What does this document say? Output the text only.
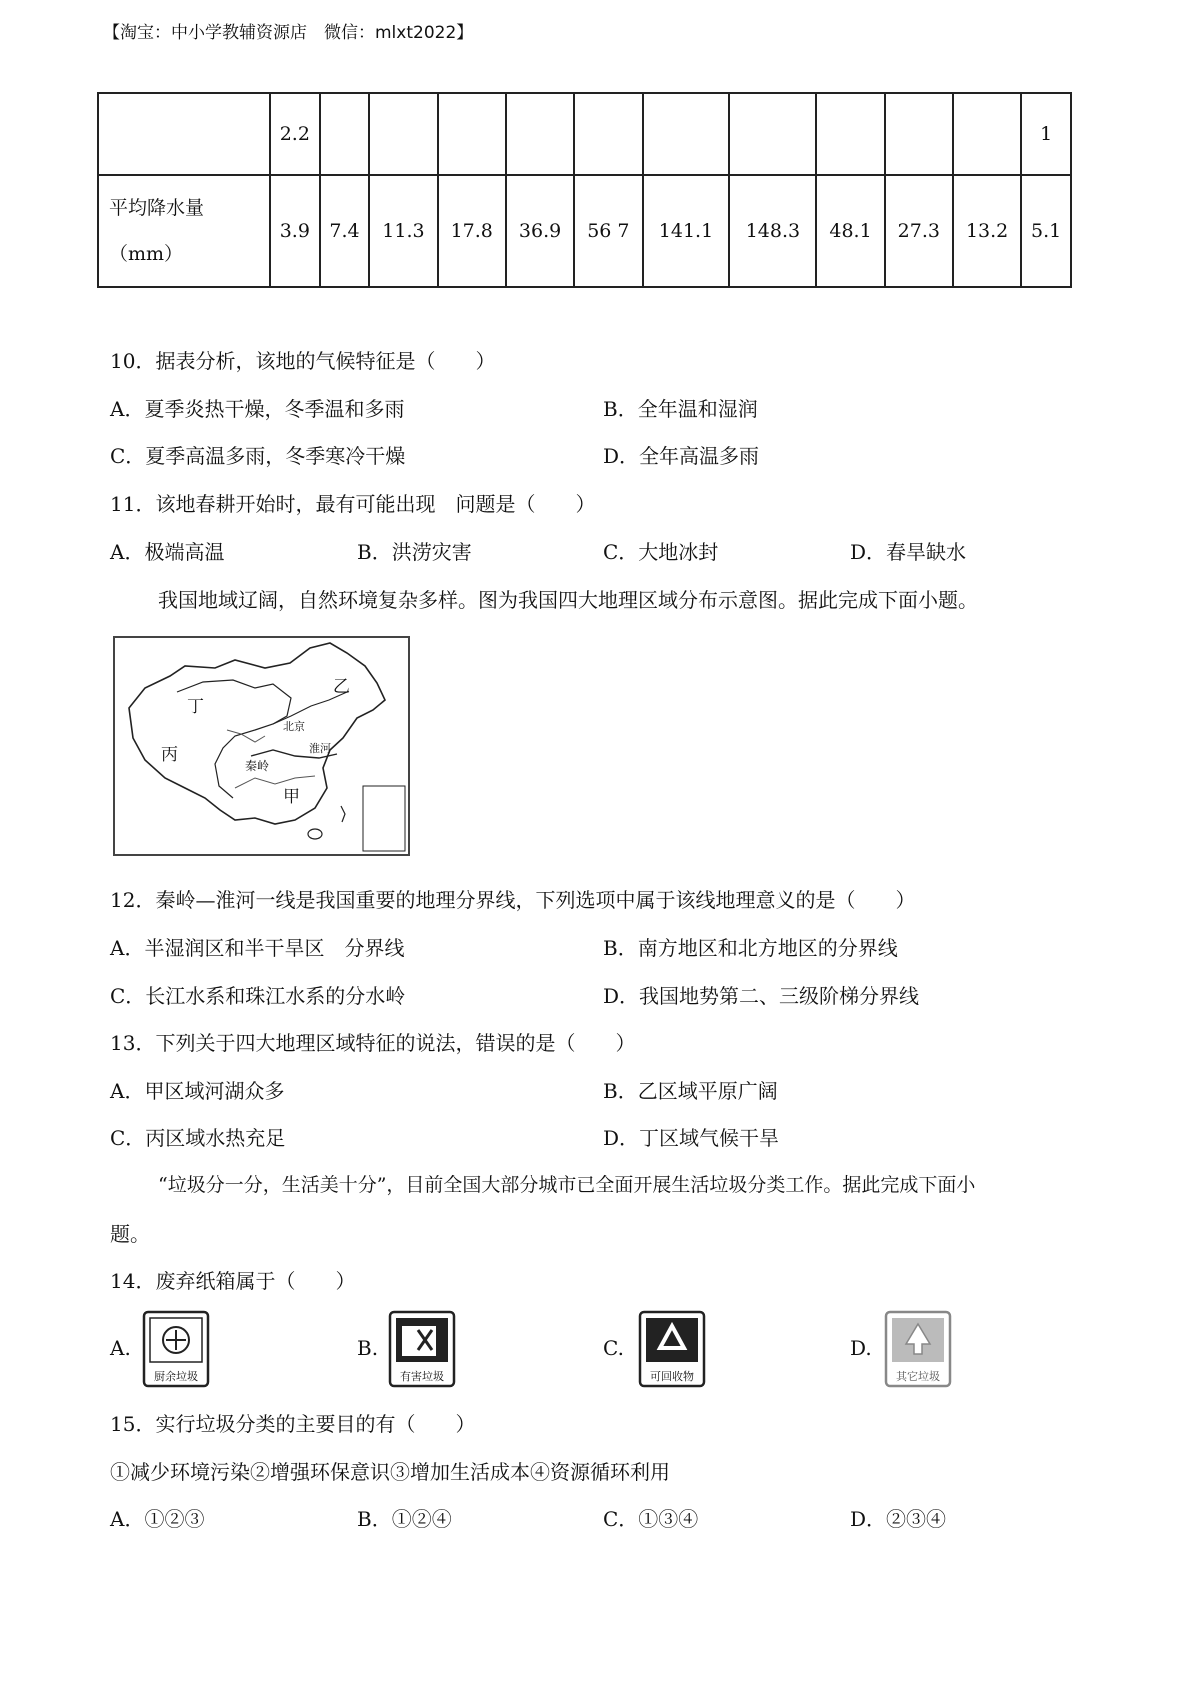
【淘宝：中小学教辅资源店　微信：mlxt2022】
	2.2											1

平均降水量
（mm）	3.9	7.4	11.3	17.8	36.9	56 7	141.1	148.3	48.1	27.3	13.2	5.1
10．据表分析，该地的气候特征是（　　）
A．夏季炎热干燥，冬季温和多雨	B．全年温和湿润
C．夏季高温多雨，冬季寒冷干燥	D．全年高温多雨
11．该地春耕开始时，最有可能出现　问题是（　　）
A．极端高温	B．洪涝灾害	C．大地冰封	D．春旱缺水
我国地域辽阔，自然环境复杂多样。图为我国四大地理区域分布示意图。据此完成下面小题。
丁
乙
丙
甲
秦岭
北京
淮河
12．秦岭—淮河一线是我国重要的地理分界线，下列选项中属于该线地理意义的是（　　）
A．半湿润区和半干旱区　分界线	B．南方地区和北方地区的分界线
C．长江水系和珠江水系的分水岭	D．我国地势第二、三级阶梯分界线
13．下列关于四大地理区域特征的说法，错误的是（　　）
A．甲区域河湖众多	B．乙区域平原广阔
C．丙区域水热充足	D．丁区域气候干旱
“垃圾分一分，生活美十分”，目前全国大部分城市已全面开展生活垃圾分类工作。据此完成下面小
题。
14．废弃纸箱属于（　　）
A.
厨余垃圾
B.
有害垃圾
C.
可回收物
D.
其它垃圾
15．实行垃圾分类的主要目的有（　　）
①减少环境污染②增强环保意识③增加生活成本④资源循环利用
A．①②③	B．①②④	C．①③④	D．②③④
